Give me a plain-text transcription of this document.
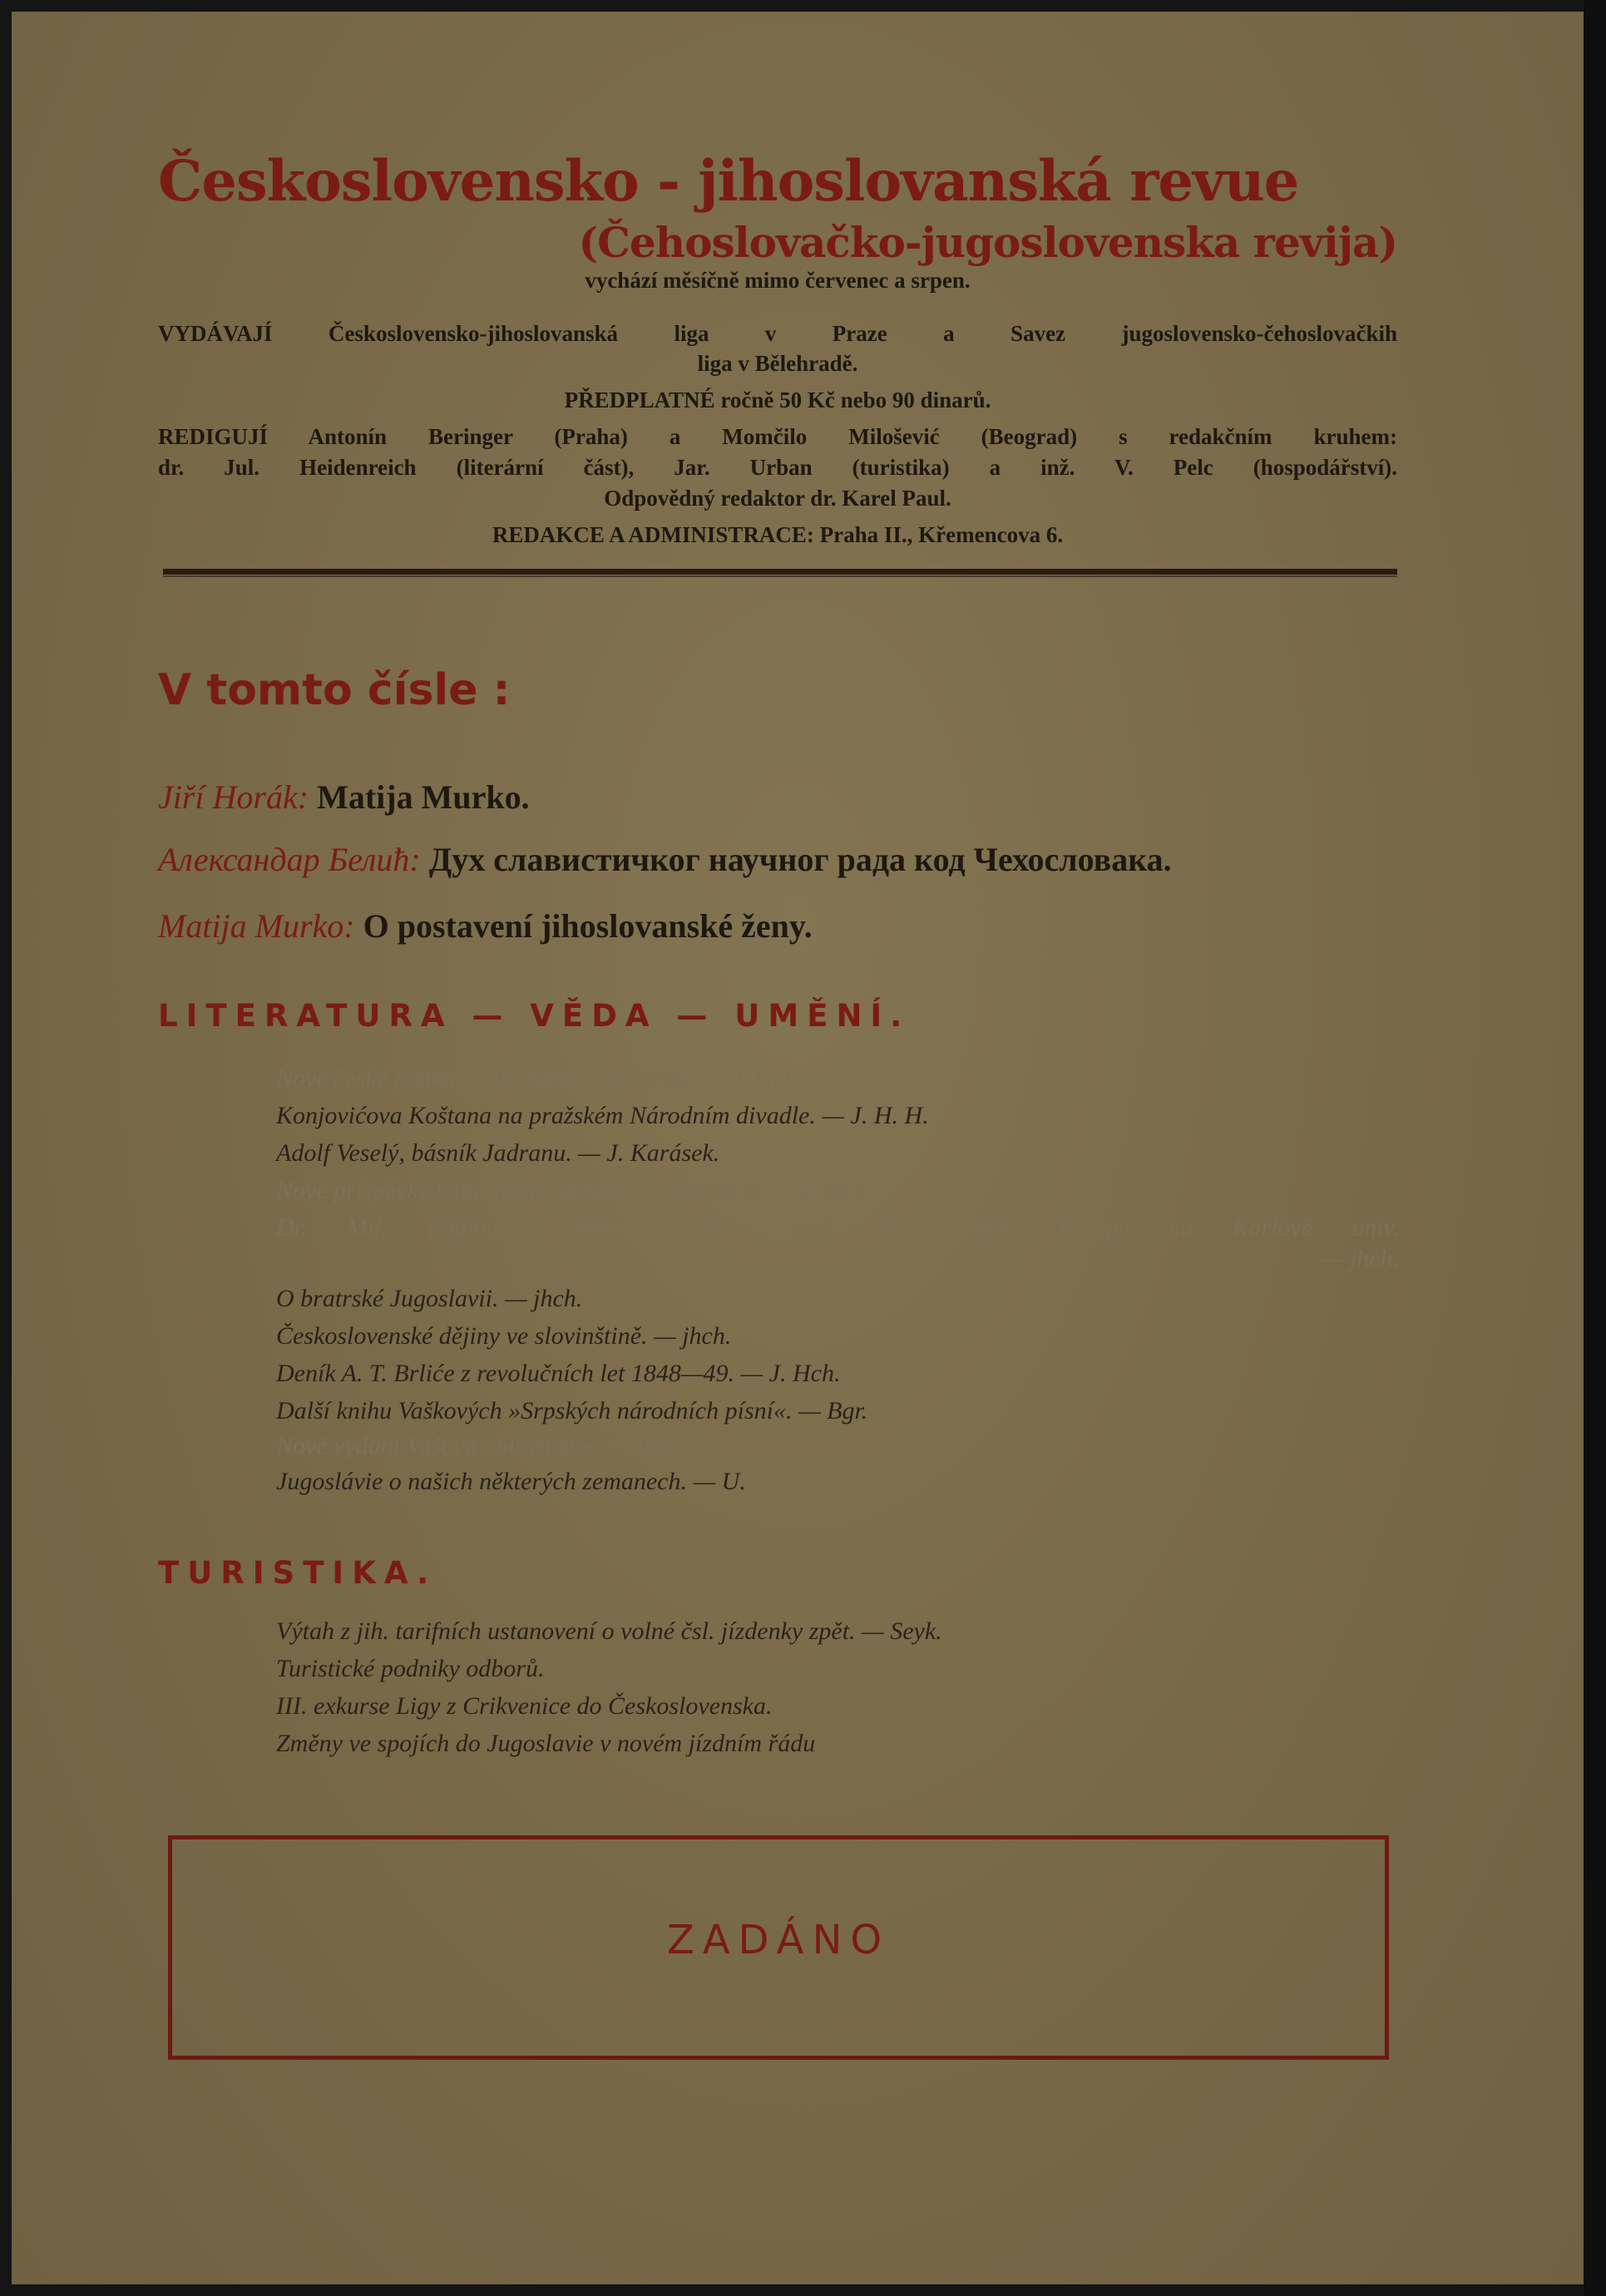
Československo - jihoslovanská revue
(Čehoslovačko-jugoslovenska revija)
vychází měsíčně mimo červenec a srpen.
VYDÁVAJÍ Československo-jihoslovanská liga v Praze a Savez jugoslovensko-čehoslovačkih
liga v Bělehradě.
PŘEDPLATNÉ ročně 50 Kč nebo 90 dinarů.
REDIGUJÍ Antonín Beringer (Praha) a Momčilo Milošević (Beograd) s redakčním kruhem:
dr. Jul. Heidenreich (literární část), Jar. Urban (turistika) a inž. V. Pelc (hospodářství).
Odpovědný redaktor dr. Karel Paul.
REDAKCE A ADMINISTRACE: Praha II., Křemencova 6.
V tomto čísle :
Jiří Horák: Matija Murko.
Александар Белић: Дух славистичког научног рада код Чехословака.
Matija Murko: O postavení jihoslovanské ženy.
LITERATURA — VĚDA — UMĚNÍ.
Nové české rozbory z jihoslovanské lyriky. — J. Hch.
Konjovićova Koštana na pražském Národním divadle. — J. H. H.
Adolf Veselý, básník Jadranu. — J. Karásek.
Nové příspěvky k literárním stykům čsl.-srbským. — J. Hch.
Dr. Mil. Paulová, jmenována mim. prof. dějin vých. Evropy na Karlově univ.
— jhch.
O bratrské Jugoslavii. — jhch.
Československé dějiny ve slovinštině. — jhch.
Deník A. T. Brlićе z revolučních let 1848—49. — J. Hch.
Další knihu Vaškových »Srpských národních písní«. — Bgr.
Nové vydání Vašova »Slovníku«. — Bgr.
Jugoslávie o našich některých zemanech. — U.
TURISTIKA.
Výtah z jih. tarifních ustanovení o volné čsl. jízdenky zpět. — Seyk.
Turistické podniky odborů.
III. exkurse Ligy z Crikvenice do Československa.
Změny ve spojích do Jugoslavie v novém jízdním řádu
ZADÁNO
